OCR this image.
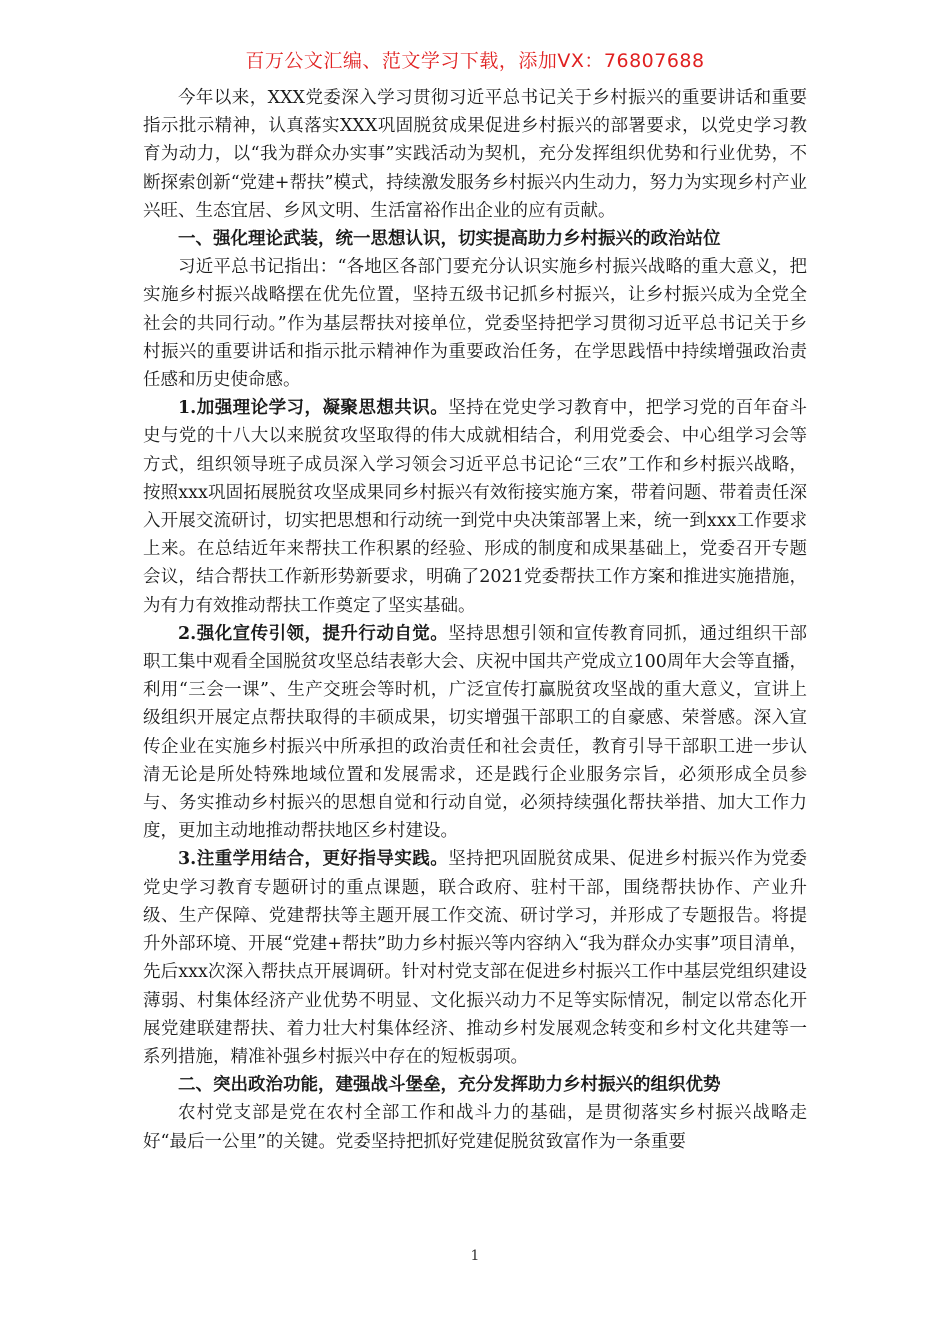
百万公文汇编、范文学习下载，添加VX：76807688

今年以来，XXX党委深入学习贯彻习近平总书记关于乡村振兴的重要讲话和重要指示批示精神，认真落实XXX巩固脱贫成果促进乡村振兴的部署要求，以党史学习教育为动力，以“我为群众办实事”实践活动为契机，充分发挥组织优势和行业优势，不断探索创新“党建+帮扶”模式，持续激发服务乡村振兴内生动力，努力为实现乡村产业兴旺、生态宜居、乡风文明、生活富裕作出企业的应有贡献。

一、强化理论武装，统一思想认识，切实提高助力乡村振兴的政治站位

习近平总书记指出：“各地区各部门要充分认识实施乡村振兴战略的重大意义，把实施乡村振兴战略摆在优先位置，坚持五级书记抓乡村振兴，让乡村振兴成为全党全社会的共同行动。”作为基层帮扶对接单位，党委坚持把学习贯彻习近平总书记关于乡村振兴的重要讲话和指示批示精神作为重要政治任务，在学思践悟中持续增强政治责任感和历史使命感。

1.加强理论学习，凝聚思想共识。坚持在党史学习教育中，把学习党的百年奋斗史与党的十八大以来脱贫攻坚取得的伟大成就相结合，利用党委会、中心组学习会等方式，组织领导班子成员深入学习领会习近平总书记论“三农”工作和乡村振兴战略，按照xxx巩固拓展脱贫攻坚成果同乡村振兴有效衔接实施方案，带着问题、带着责任深入开展交流研讨，切实把思想和行动统一到党中央决策部署上来，统一到xxx工作要求上来。在总结近年来帮扶工作积累的经验、形成的制度和成果基础上，党委召开专题会议，结合帮扶工作新形势新要求，明确了2021党委帮扶工作方案和推进实施措施，为有力有效推动帮扶工作奠定了坚实基础。

2.强化宣传引领，提升行动自觉。坚持思想引领和宣传教育同抓，通过组织干部职工集中观看全国脱贫攻坚总结表彰大会、庆祝中国共产党成立100周年大会等直播，利用“三会一课”、生产交班会等时机，广泛宣传打赢脱贫攻坚战的重大意义，宣讲上级组织开展定点帮扶取得的丰硕成果，切实增强干部职工的自豪感、荣誉感。深入宣传企业在实施乡村振兴中所承担的政治责任和社会责任，教育引导干部职工进一步认清无论是所处特殊地域位置和发展需求，还是践行企业服务宗旨，必须形成全员参与、务实推动乡村振兴的思想自觉和行动自觉，必须持续强化帮扶举措、加大工作力度，更加主动地推动帮扶地区乡村建设。

3.注重学用结合，更好指导实践。坚持把巩固脱贫成果、促进乡村振兴作为党委党史学习教育专题研讨的重点课题，联合政府、驻村干部，围绕帮扶协作、产业升级、生产保障、党建帮扶等主题开展工作交流、研讨学习，并形成了专题报告。将提升外部环境、开展“党建+帮扶”助力乡村振兴等内容纳入“我为群众办实事”项目清单，先后xxx次深入帮扶点开展调研。针对村党支部在促进乡村振兴工作中基层党组织建设薄弱、村集体经济产业优势不明显、文化振兴动力不足等实际情况，制定以常态化开展党建联建帮扶、着力壮大村集体经济、推动乡村发展观念转变和乡村文化共建等一系列措施，精准补强乡村振兴中存在的短板弱项。

二、突出政治功能，建强战斗堡垒，充分发挥助力乡村振兴的组织优势

农村党支部是党在农村全部工作和战斗力的基础，是贯彻落实乡村振兴战略走好“最后一公里”的关键。党委坚持把抓好党建促脱贫致富作为一条重要

1
